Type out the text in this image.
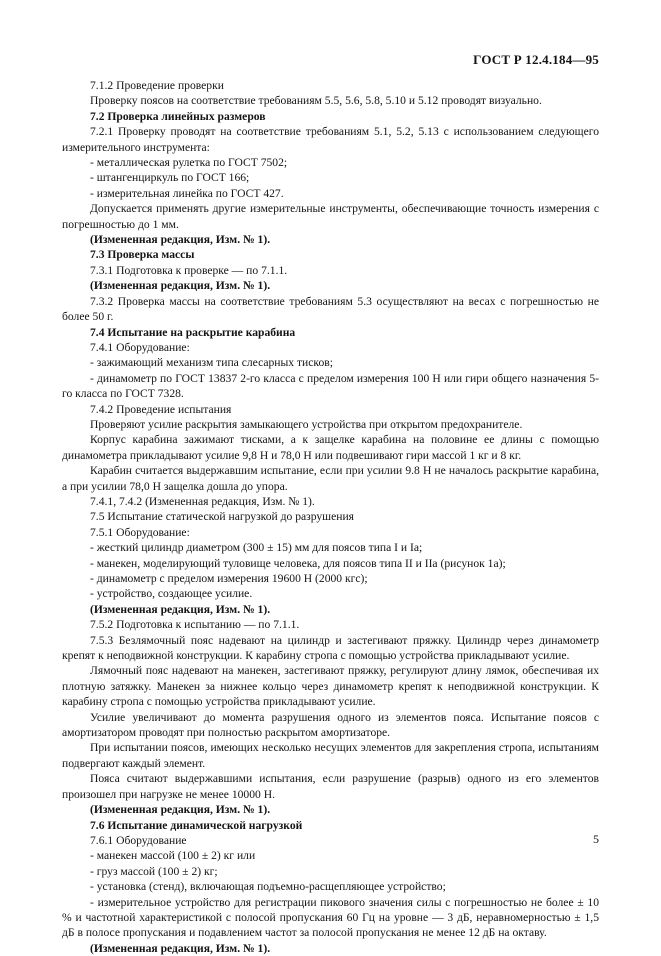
ГОСТ Р 12.4.184—95

7.1.2 Проведение проверки

Проверку поясов на соответствие требованиям 5.5, 5.6, 5.8, 5.10 и 5.12 проводят визуально.

7.2 Проверка линейных размеров

7.2.1 Проверку проводят на соответствие требованиям 5.1, 5.2, 5.13 с использованием следующего измерительного инструмента:

- металлическая рулетка по ГОСТ 7502;

- штангенциркуль по ГОСТ 166;

- измерительная линейка по ГОСТ 427.

Допускается применять другие измерительные инструменты, обеспечивающие точность измерения с погрешностью до 1 мм.

(Измененная редакция, Изм. № 1).

7.3 Проверка массы

7.3.1 Подготовка к проверке — по 7.1.1.

(Измененная редакция, Изм. № 1).

7.3.2 Проверка массы на соответствие требованиям 5.3 осуществляют на весах с погрешностью не более 50 г.

7.4 Испытание на раскрытие карабина

7.4.1 Оборудование:

- зажимающий механизм типа слесарных тисков;

- динамометр по ГОСТ 13837 2-го класса с пределом измерения 100 Н или гири общего назначения 5-го класса по ГОСТ 7328.

7.4.2 Проведение испытания

Проверяют усилие раскрытия замыкающего устройства при открытом предохранителе.

Корпус карабина зажимают тисками, а к защелке карабина на половине ее длины с помощью динамометра прикладывают усилие 9,8 Н и 78,0 Н или подвешивают гири массой 1 кг и 8 кг.

Карабин считается выдержавшим испытание, если при усилии 9.8 Н не началось раскрытие карабина, а при усилии 78,0 Н защелка дошла до упора.

7.4.1, 7.4.2 (Измененная редакция, Изм. № 1).

7.5 Испытание статической нагрузкой до разрушения

7.5.1 Оборудование:

- жесткий цилиндр диаметром (300 ± 15) мм для поясов типа I и Iа;

- манекен, моделирующий туловище человека, для поясов типа II и IIа (рисунок 1а);

- динамометр с пределом измерения 19600 Н (2000 кгс);

- устройство, создающее усилие.

(Измененная редакция, Изм. № 1).

7.5.2 Подготовка к испытанию — по 7.1.1.

7.5.3 Безлямочный пояс надевают на цилиндр и застегивают пряжку. Цилиндр через динамометр крепят к неподвижной конструкции. К карабину стропа с помощью устройства прикладывают усилие.

Лямочный пояс надевают на манекен, застегивают пряжку, регулируют длину лямок, обеспечивая их плотную затяжку. Манекен за нижнее кольцо через динамометр крепят к неподвижной конструкции. К карабину стропа с помощью устройства прикладывают усилие.

Усилие увеличивают до момента разрушения одного из элементов пояса. Испытание поясов с амортизатором проводят при полностью раскрытом амортизаторе.

При испытании поясов, имеющих несколько несущих элементов для закрепления стропа, испытаниям подвергают каждый элемент.

Пояса считают выдержавшими испытания, если разрушение (разрыв) одного из его элементов произошел при нагрузке не менее 10000 Н.

(Измененная редакция, Изм. № 1).

7.6 Испытание динамической нагрузкой

7.6.1 Оборудование

- манекен массой (100 ± 2) кг или

- груз массой (100 ± 2) кг;

- установка (стенд), включающая подъемно-расщепляющее устройство;

- измерительное устройство для регистрации пикового значения силы с погрешностью не более ± 10 % и частотной характеристикой с полосой пропускания 60 Гц на уровне — 3 дБ, неравномерностью ± 1,5 дБ в полосе пропускания и подавлением частот за полосой пропускания не менее 12 дБ на октаву.

(Измененная редакция, Изм. № 1).

5
